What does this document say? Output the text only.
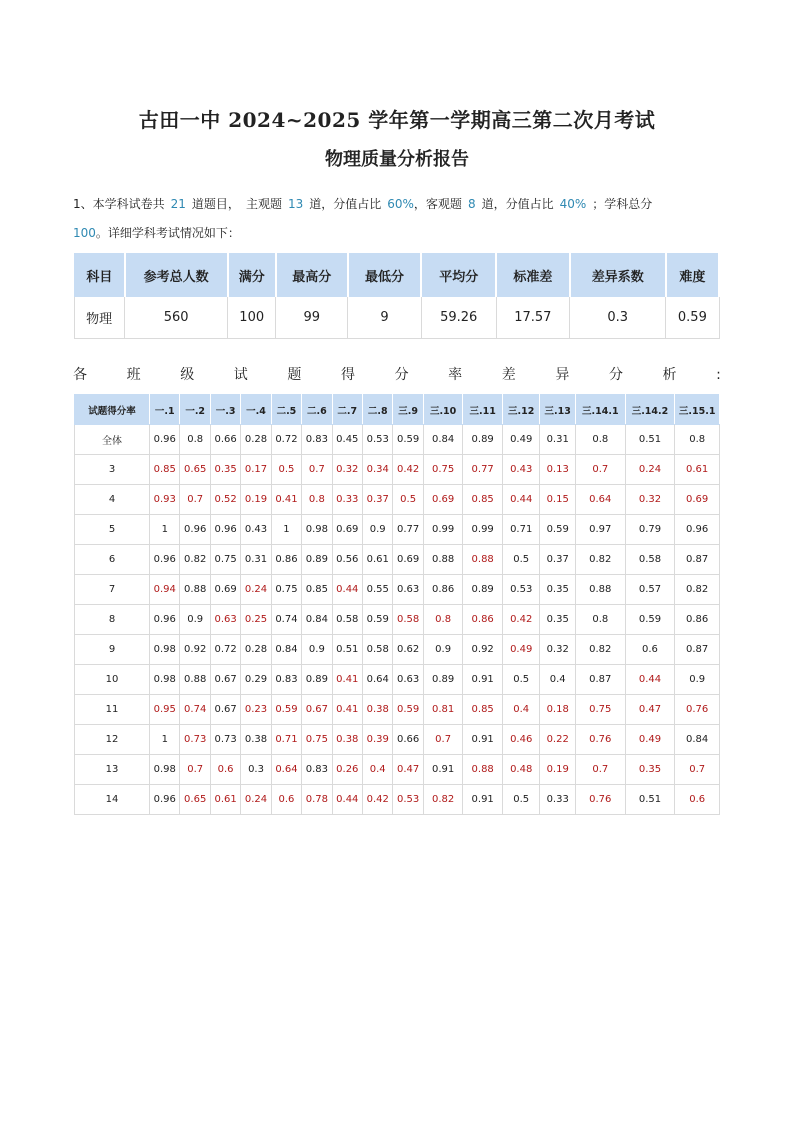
古田一中 2024~2025 学年第一学期高三第二次月考试
物理质量分析报告
1、本学科试卷共 21 道题目， 主观题 13 道，分值占比 60%，客观题 8 道，分值占比 40% ；学科总分
100。详细学科考试情况如下：
科目	参考总人数	满分	最高分	最低分	平均分	标准差	差异系数	难度
物理	560	100	99	9	59.26	17.57	0.3	0.59
各	班	级	试	题	得	分	率	差	异	分	析	:
试题得分率	一.1	一.2	一.3	一.4	二.5	二.6	二.7	二.8	三.9	三.10	三.11	三.12	三.13	三.14.1	三.14.2	三.15.1
全体	0.96	0.8	0.66	0.28	0.72	0.83	0.45	0.53	0.59	0.84	0.89	0.49	0.31	0.8	0.51	0.8
3	0.85	0.65	0.35	0.17	0.5	0.7	0.32	0.34	0.42	0.75	0.77	0.43	0.13	0.7	0.24	0.61
4	0.93	0.7	0.52	0.19	0.41	0.8	0.33	0.37	0.5	0.69	0.85	0.44	0.15	0.64	0.32	0.69
5	1	0.96	0.96	0.43	1	0.98	0.69	0.9	0.77	0.99	0.99	0.71	0.59	0.97	0.79	0.96
6	0.96	0.82	0.75	0.31	0.86	0.89	0.56	0.61	0.69	0.88	0.88	0.5	0.37	0.82	0.58	0.87
7	0.94	0.88	0.69	0.24	0.75	0.85	0.44	0.55	0.63	0.86	0.89	0.53	0.35	0.88	0.57	0.82
8	0.96	0.9	0.63	0.25	0.74	0.84	0.58	0.59	0.58	0.8	0.86	0.42	0.35	0.8	0.59	0.86
9	0.98	0.92	0.72	0.28	0.84	0.9	0.51	0.58	0.62	0.9	0.92	0.49	0.32	0.82	0.6	0.87
10	0.98	0.88	0.67	0.29	0.83	0.89	0.41	0.64	0.63	0.89	0.91	0.5	0.4	0.87	0.44	0.9
11	0.95	0.74	0.67	0.23	0.59	0.67	0.41	0.38	0.59	0.81	0.85	0.4	0.18	0.75	0.47	0.76
12	1	0.73	0.73	0.38	0.71	0.75	0.38	0.39	0.66	0.7	0.91	0.46	0.22	0.76	0.49	0.84
13	0.98	0.7	0.6	0.3	0.64	0.83	0.26	0.4	0.47	0.91	0.88	0.48	0.19	0.7	0.35	0.7
14	0.96	0.65	0.61	0.24	0.6	0.78	0.44	0.42	0.53	0.82	0.91	0.5	0.33	0.76	0.51	0.6
